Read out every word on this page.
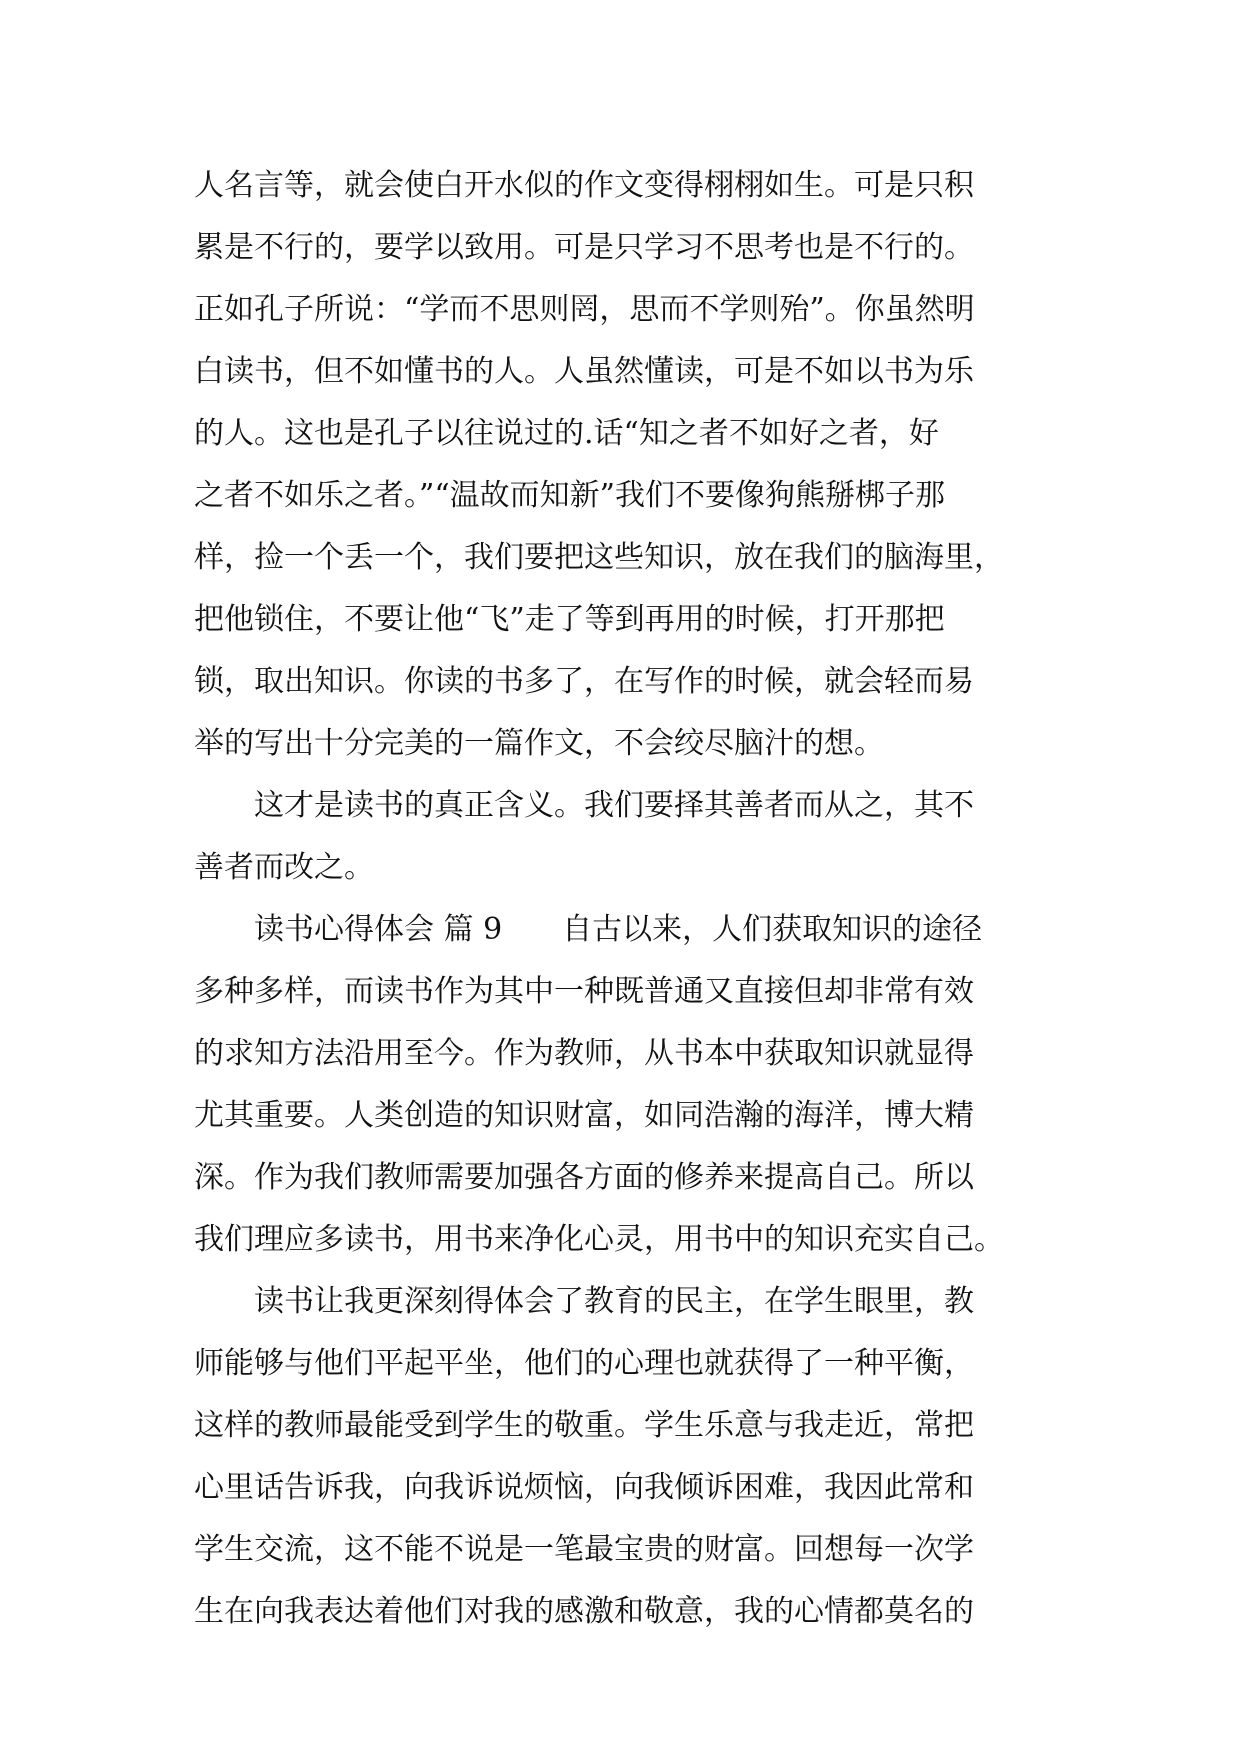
人名言等，就会使白开水似的作文变得栩栩如生。可是只积
累是不行的，要学以致用。可是只学习不思考也是不行的。
正如孔子所说：“学而不思则罔，思而不学则殆”。你虽然明
白读书，但不如懂书的人。人虽然懂读，可是不如以书为乐
的人。这也是孔子以往说过的.话“知之者不如好之者，好
之者不如乐之者。”“温故而知新”我们不要像狗熊掰梆子那
样，捡一个丢一个，我们要把这些知识，放在我们的脑海里，
把他锁住，不要让他“飞”走了等到再用的时候，打开那把
锁，取出知识。你读的书多了，在写作的时候，就会轻而易
举的写出十分完美的一篇作文，不会绞尽脑汁的想。
　　这才是读书的真正含义。我们要择其善者而从之，其不
善者而改之。
　　读书心得体会 篇 9　　自古以来，人们获取知识的途径
多种多样，而读书作为其中一种既普通又直接但却非常有效
的求知方法沿用至今。作为教师，从书本中获取知识就显得
尤其重要。人类创造的知识财富，如同浩瀚的海洋，博大精
深。作为我们教师需要加强各方面的修养来提高自己。所以
我们理应多读书，用书来净化心灵，用书中的知识充实自己。
　　读书让我更深刻得体会了教育的民主，在学生眼里，教
师能够与他们平起平坐，他们的心理也就获得了一种平衡，
这样的教师最能受到学生的敬重。学生乐意与我走近，常把
心里话告诉我，向我诉说烦恼，向我倾诉困难，我因此常和
学生交流，这不能不说是一笔最宝贵的财富。回想每一次学
生在向我表达着他们对我的感激和敬意，我的心情都莫名的
